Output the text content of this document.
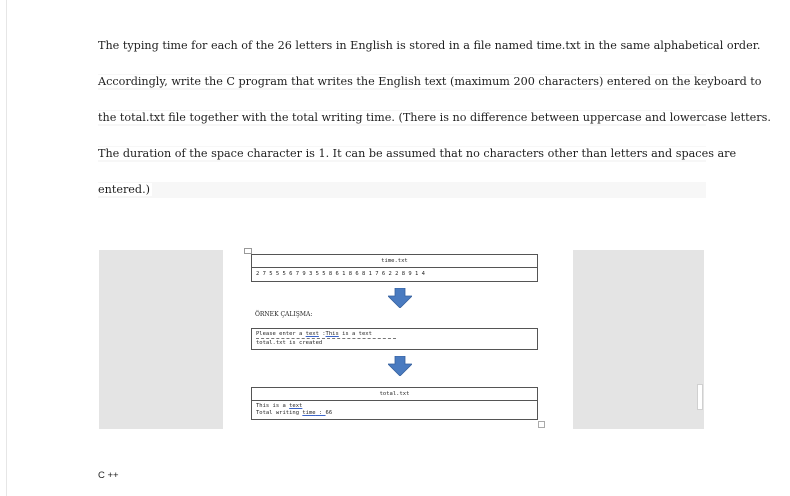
The typing time for each of the 26 letters in English is stored in a file named time.txt in the same alphabetical order.
Accordingly, write the C program that writes the English text (maximum 200 characters) entered on the keyboard to
the total.txt file together with the total writing time. (There is no difference between uppercase and lowercase letters.
The duration of the space character is 1. It can be assumed that no characters other than letters and spaces are
entered.)
time.txt
2 7 5 5 5 6 7 9 3 5 5 8 6 1 8 6 8 1 7 6 2 2 8 9 1 4
ÖRNEK ÇALIŞMA:
Please enter a text :This is a text
total.txt is created
total.txt
This is a text
Total writing time : 66
C ++
